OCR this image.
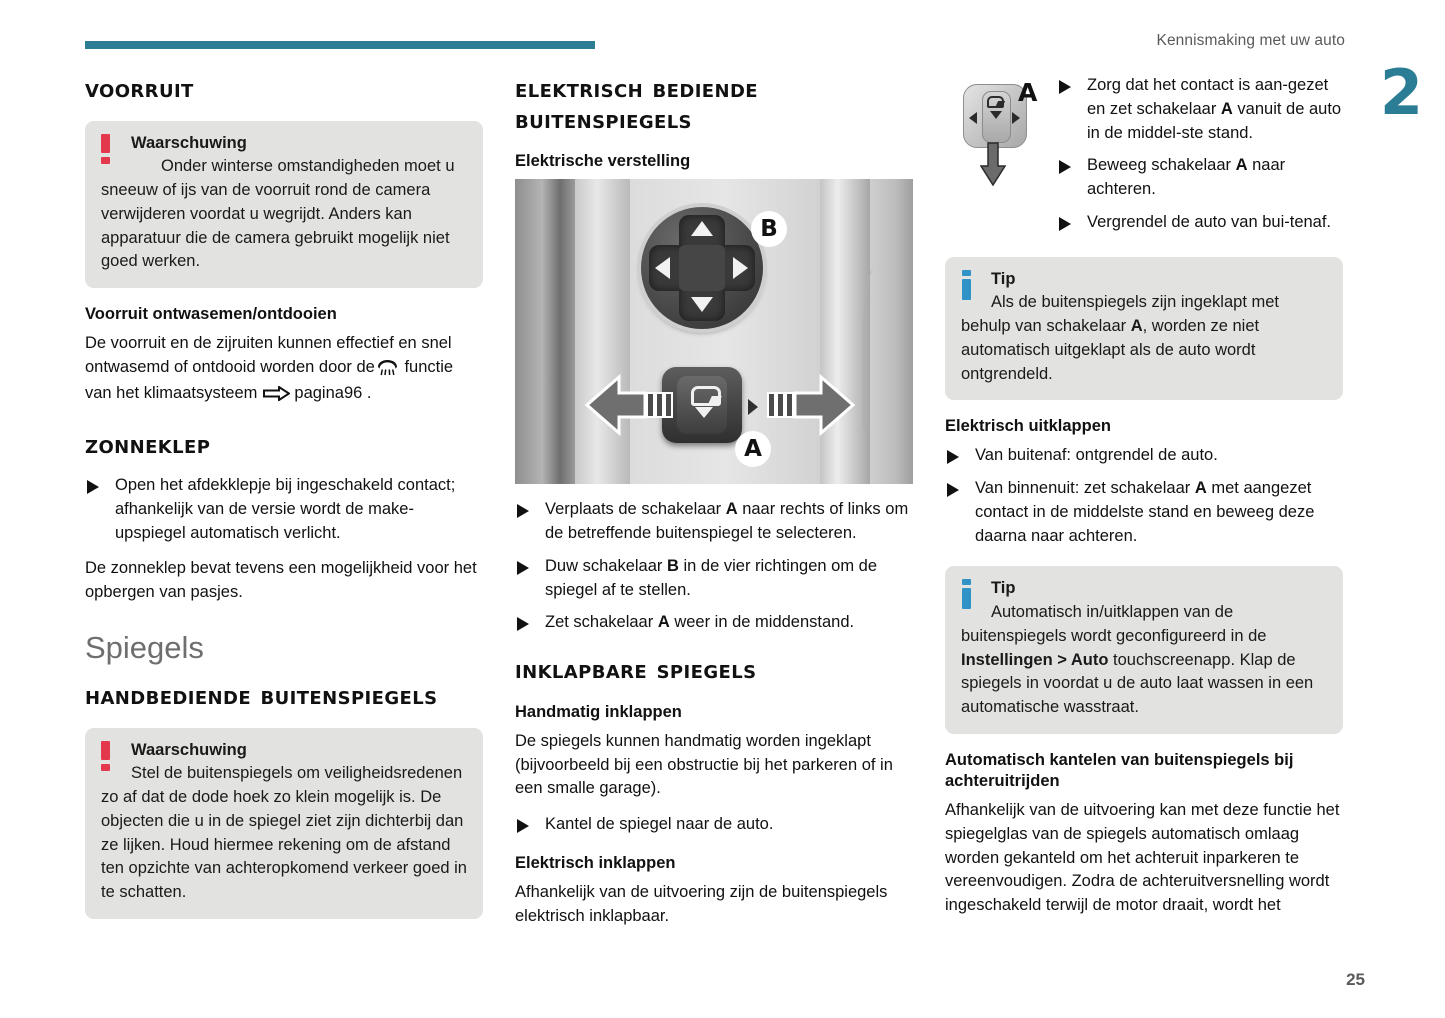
Kennismaking met uw auto
2
25
voorruit
Waarschuwing
Onder winterse omstandigheden moet u sneeuw of ijs van de voorruit rond de camera verwijderen voordat u wegrijdt. Anders kan apparatuur die de camera gebruikt mogelijk niet goed werken.
Voorruit ontwasemen/ontdooien

De voorruit en de zijruiten kunnen effectief en snel ontwasemd of ontdooid worden door de functie van het klimaatsysteem pagina96 .

zonneklep
Open het afdekklepje bij ingeschakeld contact; afhankelijk van de versie wordt de make-upspiegel automatisch verlicht.

De zonneklep bevat tevens een mogelijkheid voor het opbergen van pasjes.

Spiegels
handbediende buitenspiegels
Waarschuwing
Stel de buitenspiegels om veiligheidsredenen zo af dat de dode hoek zo klein mogelijk is. De objecten die u in de spiegel ziet zijn dichterbij dan ze lijken. Houd hiermee rekening om de afstand ten opzichte van achteropkomend verkeer goed in te schatten.
elektrisch bediende buitenspiegels
Elektrische verstelling
B
A
Verplaats de schakelaar A naar rechts of links om de betreffende buitenspiegel te selecteren.
Duw schakelaar B in de vier richtingen om de spiegel af te stellen.
Zet schakelaar A weer in de middenstand.
inklapbare spiegels
Handmatig inklappen

De spiegels kunnen handmatig worden ingeklapt (bijvoorbeeld bij een obstructie bij het parkeren of in een smalle garage).

Kantel de spiegel naar de auto.
Elektrisch inklappen

Afhankelijk van de uitvoering zijn de buitenspiegels elektrisch inklapbaar.

A	Zorg dat het contact is aan-gezet en zet schakelaar A vanuit de auto in de middel-ste stand.
Beweeg schakelaar A naar achteren.
Vergrendel de auto van bui-tenaf.
Tip
Als de buitenspiegels zijn ingeklapt met behulp van schakelaar A, worden ze niet automatisch uitgeklapt als de auto wordt ontgrendeld.
Elektrisch uitklappen
Van buitenaf: ontgrendel de auto.
Van binnenuit: zet schakelaar A met aangezet contact in de middelste stand en beweeg deze daarna naar achteren.
Tip
Automatisch in/uitklappen van de buitenspiegels wordt geconfigureerd in de Instellingen > Auto touchscreenapp. Klap de spiegels in voordat u de auto laat wassen in een automatische wasstraat.
Automatisch kantelen van buitenspiegels bij achteruitrijden

Afhankelijk van de uitvoering kan met deze functie het spiegelglas van de spiegels automatisch omlaag worden gekanteld om het achteruit inparkeren te vereenvoudigen. Zodra de achteruitversnelling wordt ingeschakeld terwijl de motor draait, wordt het
